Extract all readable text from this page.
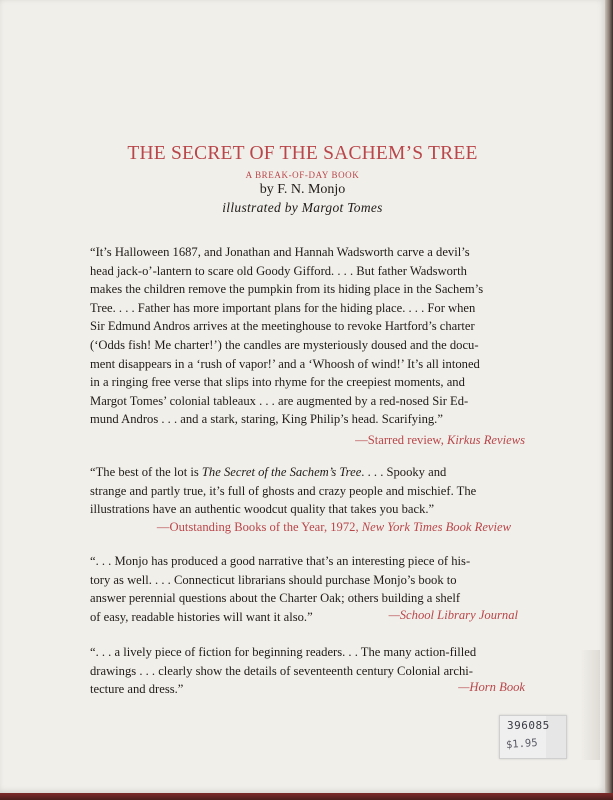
THE SECRET OF THE SACHEM’S TREE
A BREAK-OF-DAY BOOK
by F. N. Monjo
illustrated by Margot Tomes
“It’s Halloween 1687, and Jonathan and Hannah Wadsworth carve a devil’s
head jack-o’-lantern to scare old Goody Gifford. . . . But father Wadsworth
makes the children remove the pumpkin from its hiding place in the Sachem’s
Tree. . . . Father has more important plans for the hiding place. . . . For when
Sir Edmund Andros arrives at the meetinghouse to revoke Hartford’s charter
(‘Odds fish! Me charter!’) the candles are mysteriously doused and the docu-
ment disappears in a ‘rush of vapor!’ and a ‘Whoosh of wind!’ It’s all intoned
in a ringing free verse that slips into rhyme for the creepiest moments, and
Margot Tomes’ colonial tableaux . . . are augmented by a red-nosed Sir Ed-
mund Andros . . . and a stark, staring, King Philip’s head. Scarifying.”
—Starred review, Kirkus Reviews
“The best of the lot is The Secret of the Sachem’s Tree. . . . Spooky and
strange and partly true, it’s full of ghosts and crazy people and mischief. The
illustrations have an authentic woodcut quality that takes you back.”
—Outstanding Books of the Year, 1972, New York Times Book Review
“. . . Monjo has produced a good narrative that’s an interesting piece of his-
tory as well. . . . Connecticut librarians should purchase Monjo’s book to
answer perennial questions about the Charter Oak; others building a shelf
of easy, readable histories will want it also.”	—School Library Journal
“. . . a lively piece of fiction for beginning readers. . . The many action-filled
drawings . . . clearly show the details of seventeenth century Colonial archi-
tecture and dress.”	—Horn Book
396085
$1.95
